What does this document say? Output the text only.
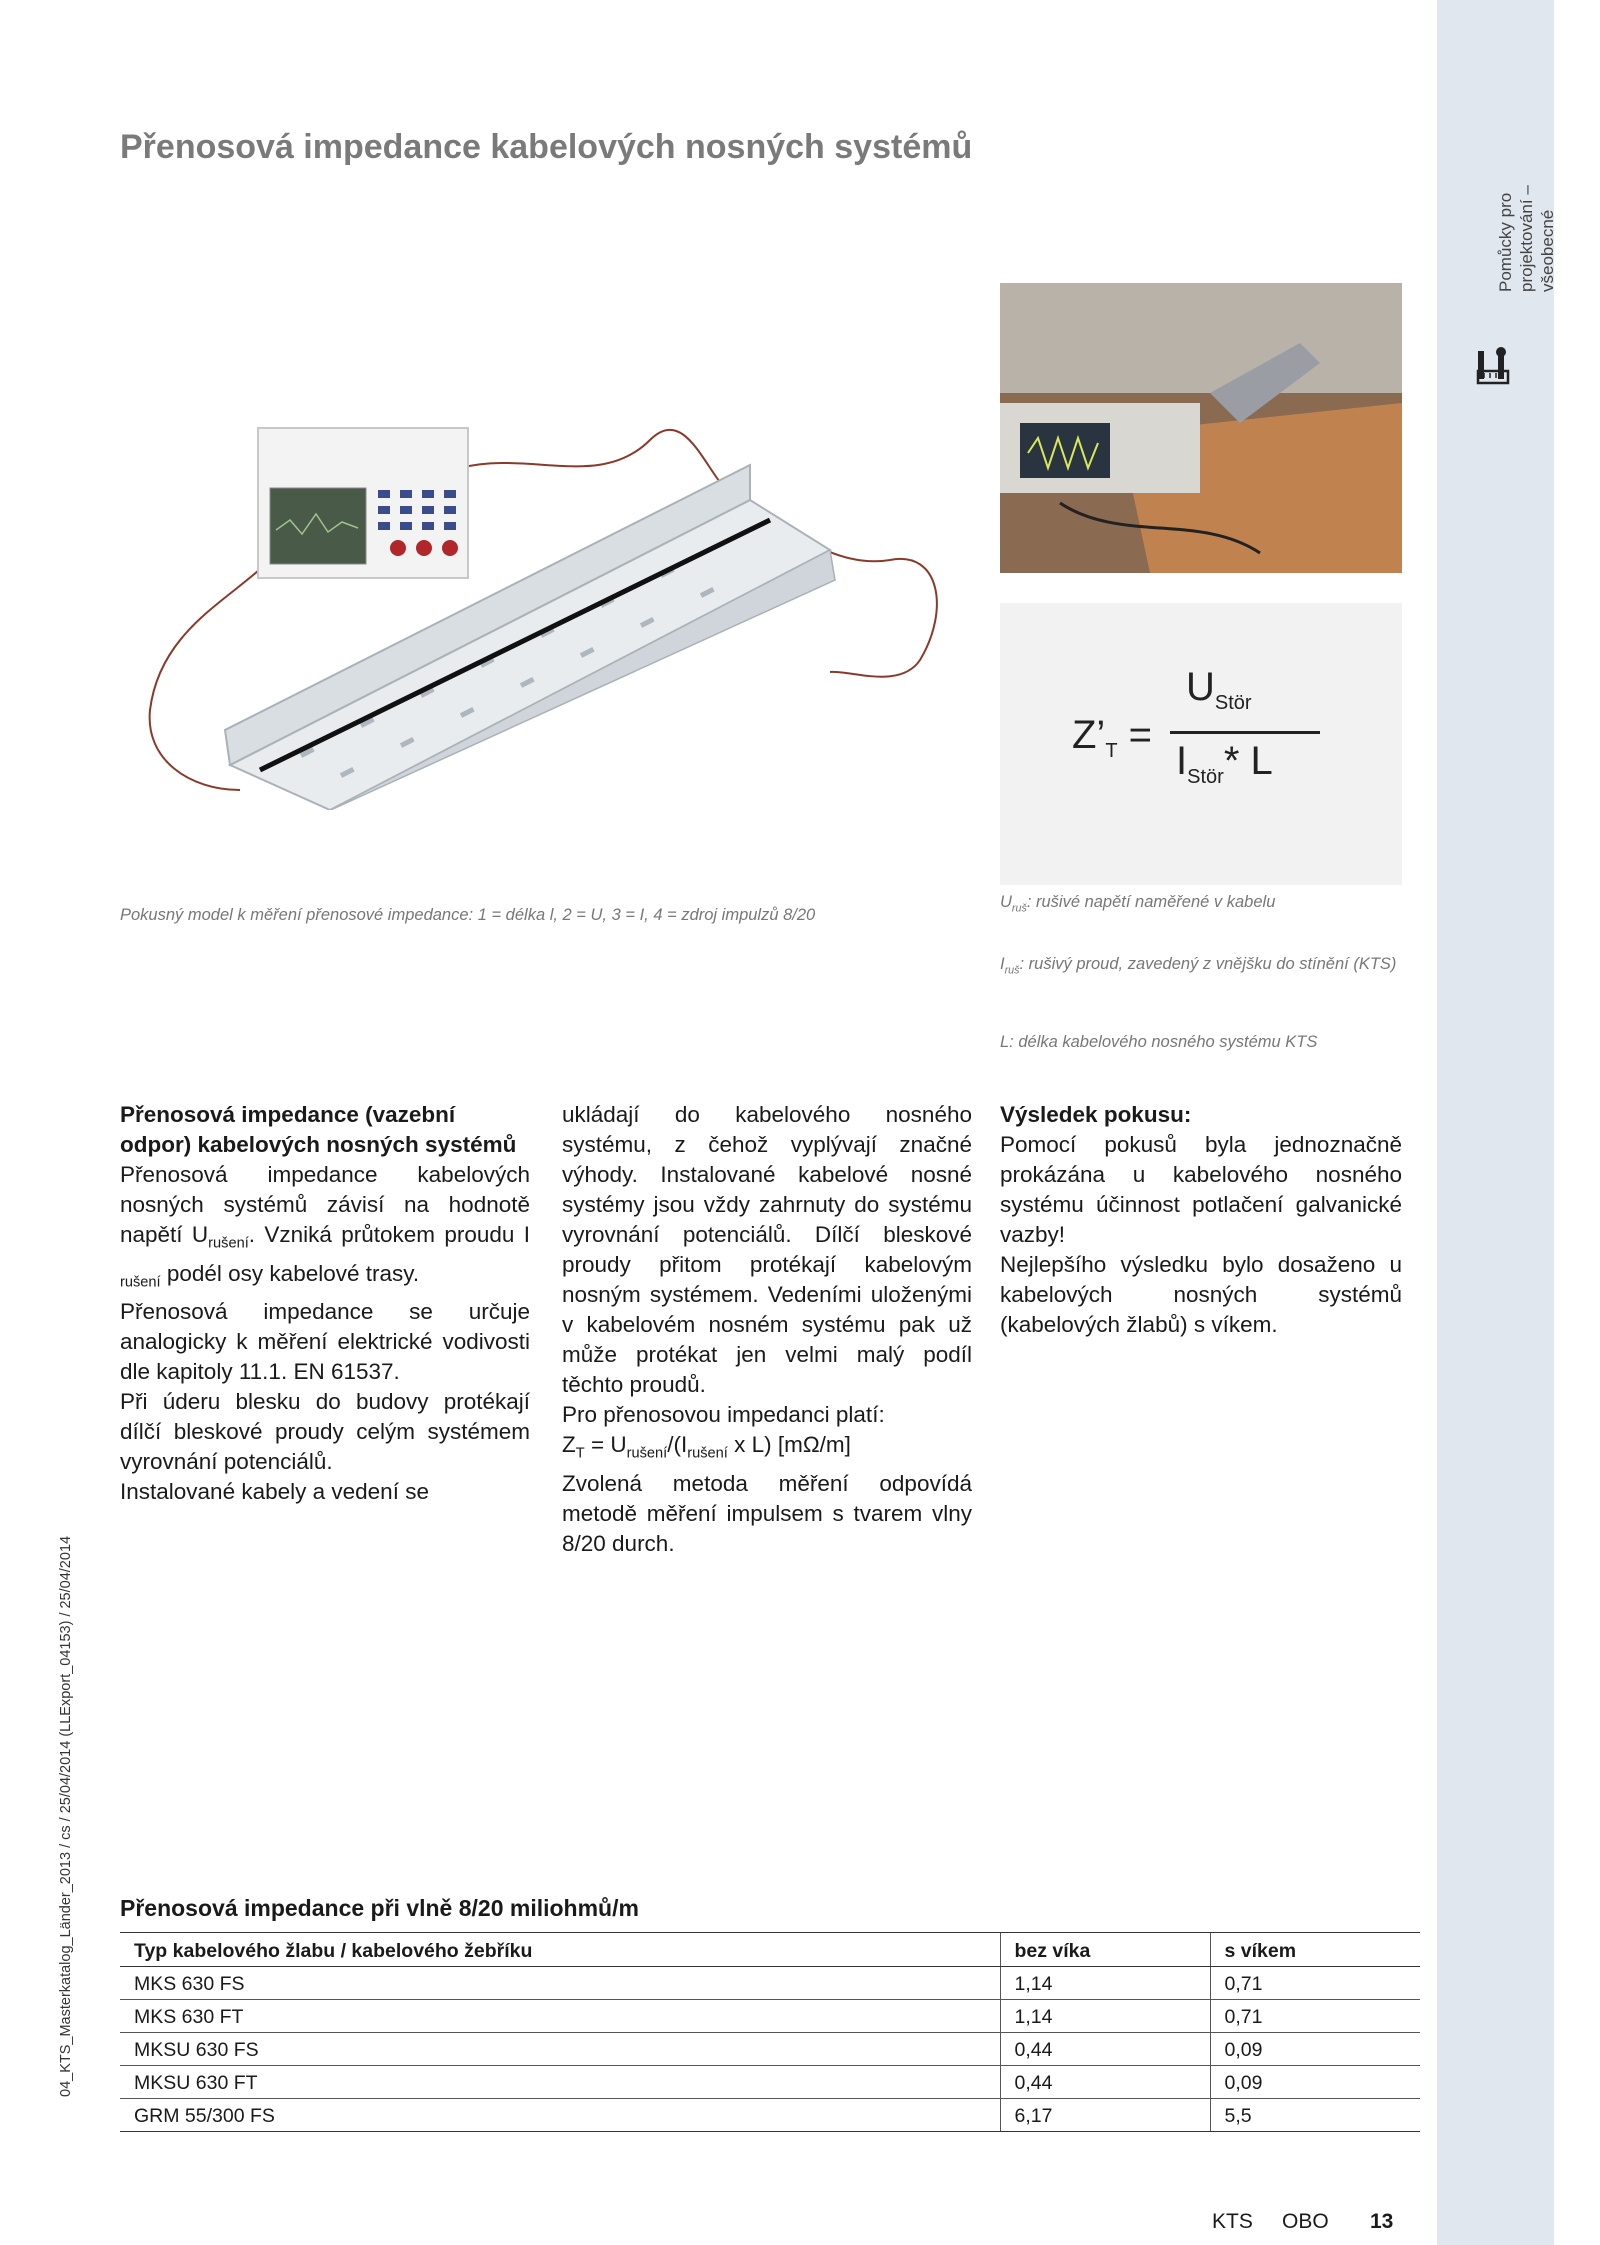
Pomůcky pro projektování – všeobecné
Přenosová impedance kabelových nosných systémů
$Z’_T$ =
$U_{Stör}$
$I_{Stör}*$ L
Pokusný model k měření přenosové impedance: 1 = délka l, 2 = U, 3 = I, 4 = zdroj impulzů 8/20
$U_{ruš}$: rušivé napětí naměřené v kabelu
$I_{ruš}$: rušivý proud, zavedený z vnějšku do stínění (KTS)
L: délka kabelového nosného systému KTS
Přenosová impedance (vazební odpor) kabelových nosných systémů

Přenosová impedance kabelových nosných systémů závisí na hodnotě napětí $U_{rušení}$. Vzniká průtokem proudu I $_{rušení}$ podél osy kabelové trasy.

Přenosová impedance se určuje analogicky k měření elektrické vodivosti dle kapitoly 11.1. EN 61537.

Při úderu blesku do budovy protékají dílčí bleskové proudy celým systémem vyrovnání potenciálů.

Instalované kabely a vedení se

ukládají do kabelového nosného systému, z čehož vyplývají značné výhody. Instalované kabelové nosné systémy jsou vždy zahrnuty do systému vyrovnání potenciálů. Dílčí bleskové proudy přitom protékají kabelovým nosným systémem. Vedeními uloženými v kabelovém nosném systému pak už může protékat jen velmi malý podíl těchto proudů.

Pro přenosovou impedanci platí:

$Z_T = U_{rušení}/(I_{rušení}$ x L) [mΩ/m]

Zvolená metoda měření odpovídá metodě měření impulsem s tvarem vlny 8/20 durch.

Výsledek pokusu:

Pomocí pokusů byla jednoznačně prokázána u kabelového nosného systému účinnost potlačení galvanické vazby!

Nejlepšího výsledku bylo dosaženo u kabelových nosných systémů (kabelových žlabů) s víkem.

Přenosová impedance při vlně 8/20 miliohmů/m
Typ kabelového žlabu / kabelového žebříku	bez víka	s víkem
MKS 630 FS	1,14	0,71
MKS 630 FT	1,14	0,71
MKSU 630 FS	0,44	0,09
MKSU 630 FT	0,44	0,09
GRM 55/300 FS	6,17	5,5
KTS OBO 13
04_KTS_Masterkatalog_Länder_2013 / cs / 25/04/2014 (LLExport_04153) / 25/04/2014
